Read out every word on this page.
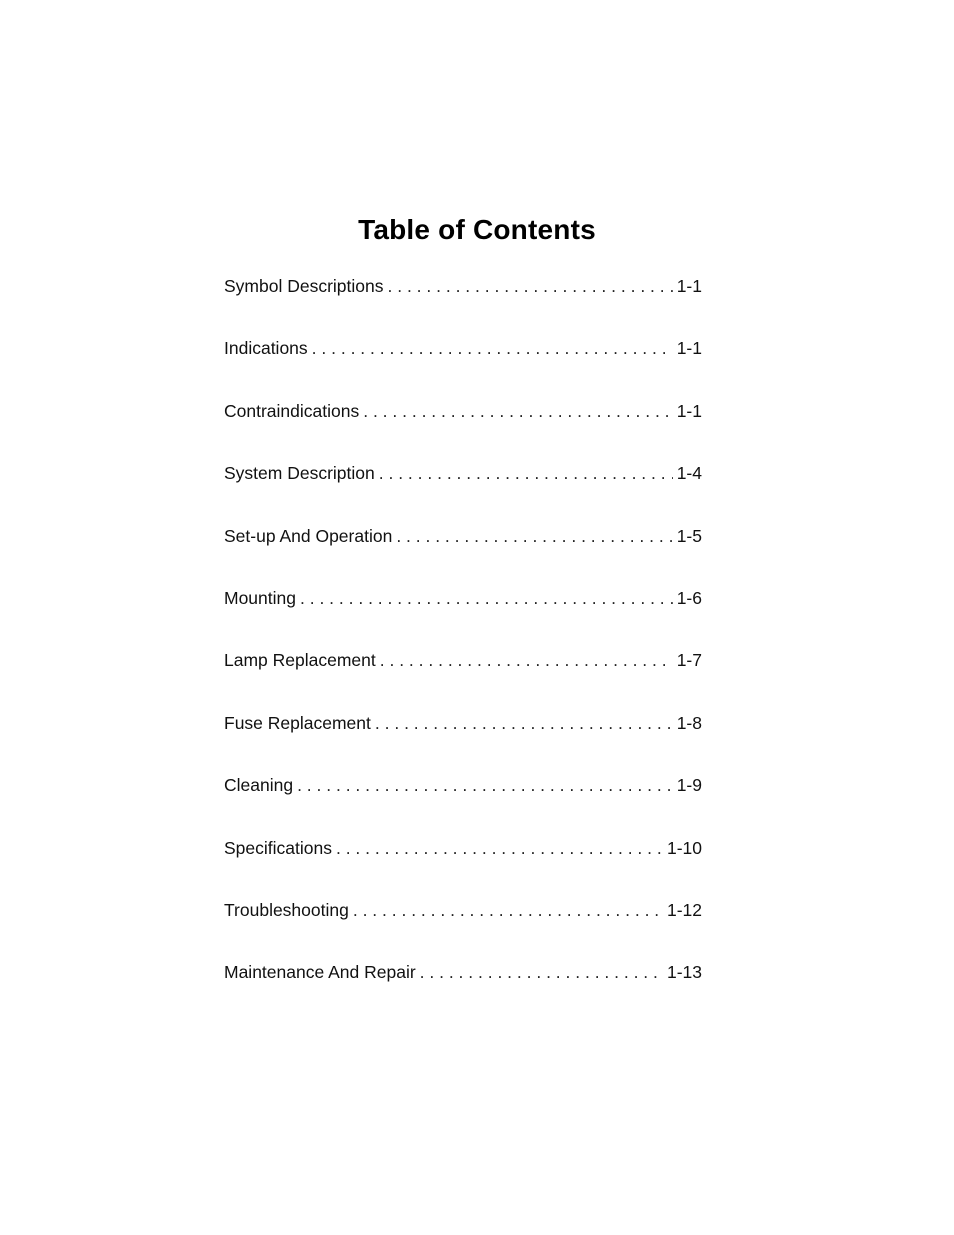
Table of Contents
Symbol Descriptions . . .	1-1
Indications . . .	1-1
Contraindications . . .	1-1
System Description . . .	1-4
Set-up And Operation . . .	1-5
Mounting . . .	1-6
Lamp Replacement . . .	1-7
Fuse Replacement . . .	1-8
Cleaning . . .	1-9
Specifications . . .	1-10
Troubleshooting . . .	1-12
Maintenance And Repair . . .	1-13
